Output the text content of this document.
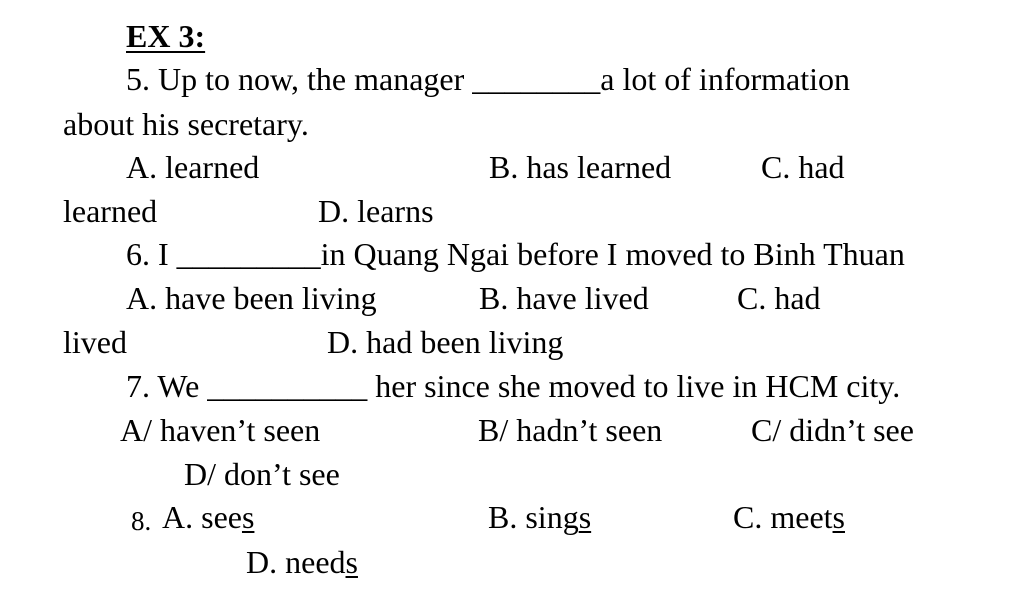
EX 3:
5. Up to now, the manager ________a lot of information
about his secretary.
A. learned	B. has learned	C. had
learned	D. learns
6. I _________in Quang Ngai before I moved to Binh Thuan
A. have been living	B. have lived	C. had
lived	D. had been living
7. We __________ her since she moved to live in HCM city.
A/ haven’t seen	B/ hadn’t seen	C/ didn’t see
D/ don’t see
8. A. sees	B. sings	C. meets
D. needs
